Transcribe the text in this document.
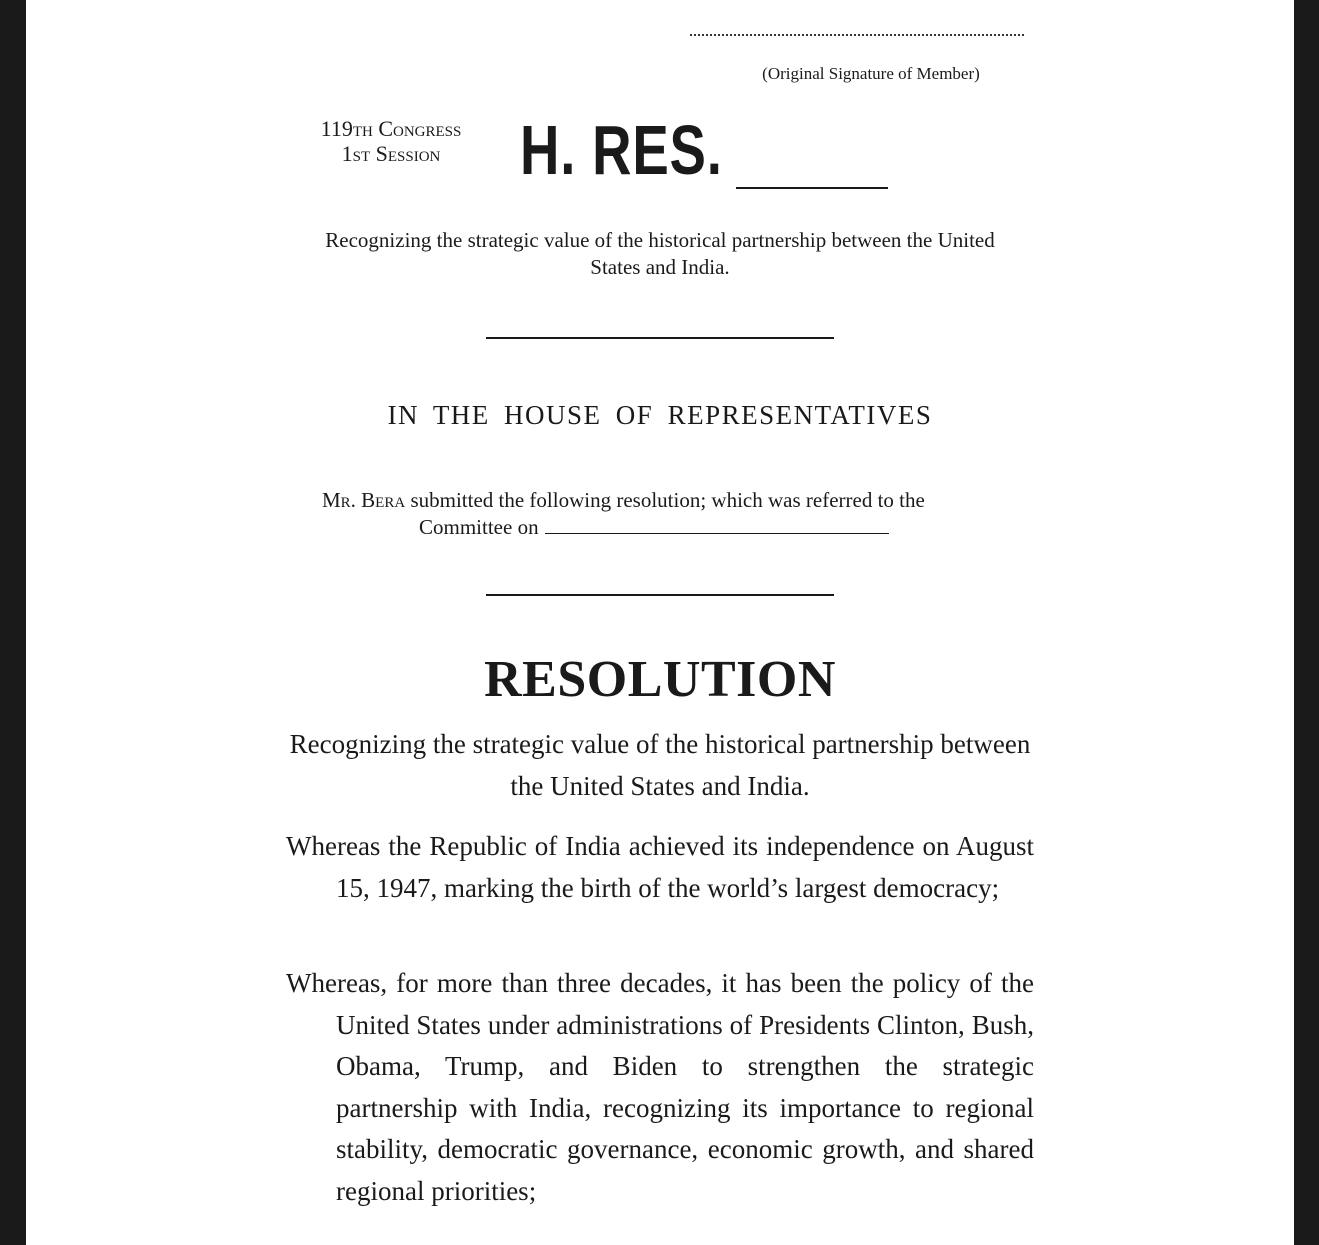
(Original Signature of Member)
119th Congress
1st Session	H. RES.
Recognizing the strategic value of the historical partnership between the United States and India.
IN THE HOUSE OF REPRESENTATIVES
Mr. Bera submitted the following resolution; which was referred to the
Committee on
RESOLUTION
Recognizing the strategic value of the historical partnership between the United States and India.
Whereas the Republic of India achieved its independence on August 15, 1947, marking the birth of the world’s largest democracy;
Whereas, for more than three decades, it has been the policy of the United States under administrations of Presidents Clinton, Bush, Obama, Trump, and Biden to strengthen the strategic partnership with India, recognizing its importance to regional stability, democratic governance, economic growth, and shared regional priorities;
